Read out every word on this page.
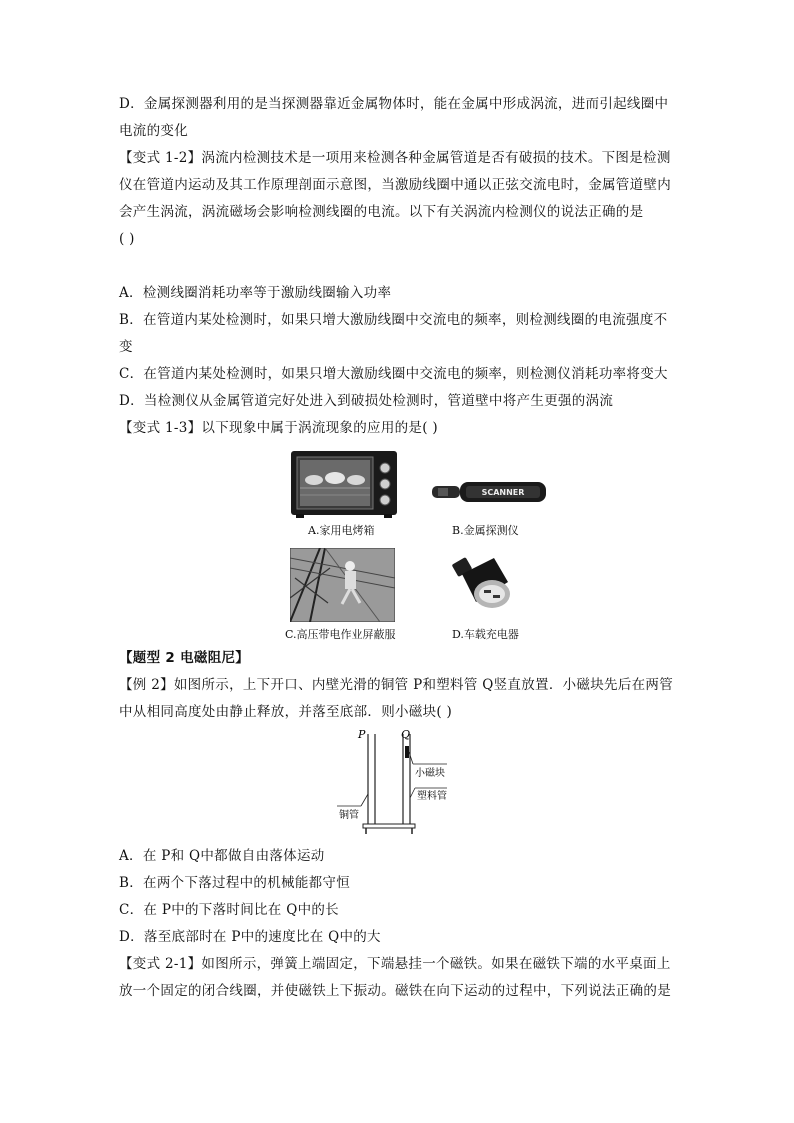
D．金属探测器利用的是当探测器靠近金属物体时，能在金属中形成涡流，进而引起线圈中
电流的变化
【变式 1-2】涡流内检测技术是一项用来检测各种金属管道是否有破损的技术。下图是检测
仪在管道内运动及其工作原理剖面示意图，当激励线圈中通以正弦交流电时，金属管道壁内
会产生涡流，涡流磁场会影响检测线圈的电流。以下有关涡流内检测仪的说法正确的是
( )
A．检测线圈消耗功率等于激励线圈输入功率
B．在管道内某处检测时，如果只增大激励线圈中交流电的频率，则检测线圈的电流强度不
变
C．在管道内某处检测时，如果只增大激励线圈中交流电的频率，则检测仪消耗功率将变大
D．当检测仪从金属管道完好处进入到破损处检测时，管道壁中将产生更强的涡流
【变式 1-3】以下现象中属于涡流现象的应用的是( )
A.家用电烤箱
SCANNER
B.金属探测仪
C.高压带电作业屏蔽服	D.车载充电器
【题型 2 电磁阻尼】
【例 2】如图所示，上下开口、内壁光滑的铜管 P和塑料管 Q竖直放置．小磁块先后在两管
中从相同高度处由静止释放，并落至底部．则小磁块( )
P	Q
小磁块
塑料管
铜管
A．在 P和 Q中都做自由落体运动
B．在两个下落过程中的机械能都守恒
C．在 P中的下落时间比在 Q中的长
D．落至底部时在 P中的速度比在 Q中的大
【变式 2-1】如图所示，弹簧上端固定，下端悬挂一个磁铁。如果在磁铁下端的水平桌面上
放一个固定的闭合线圈，并使磁铁上下振动。磁铁在向下运动的过程中，下列说法正确的是
